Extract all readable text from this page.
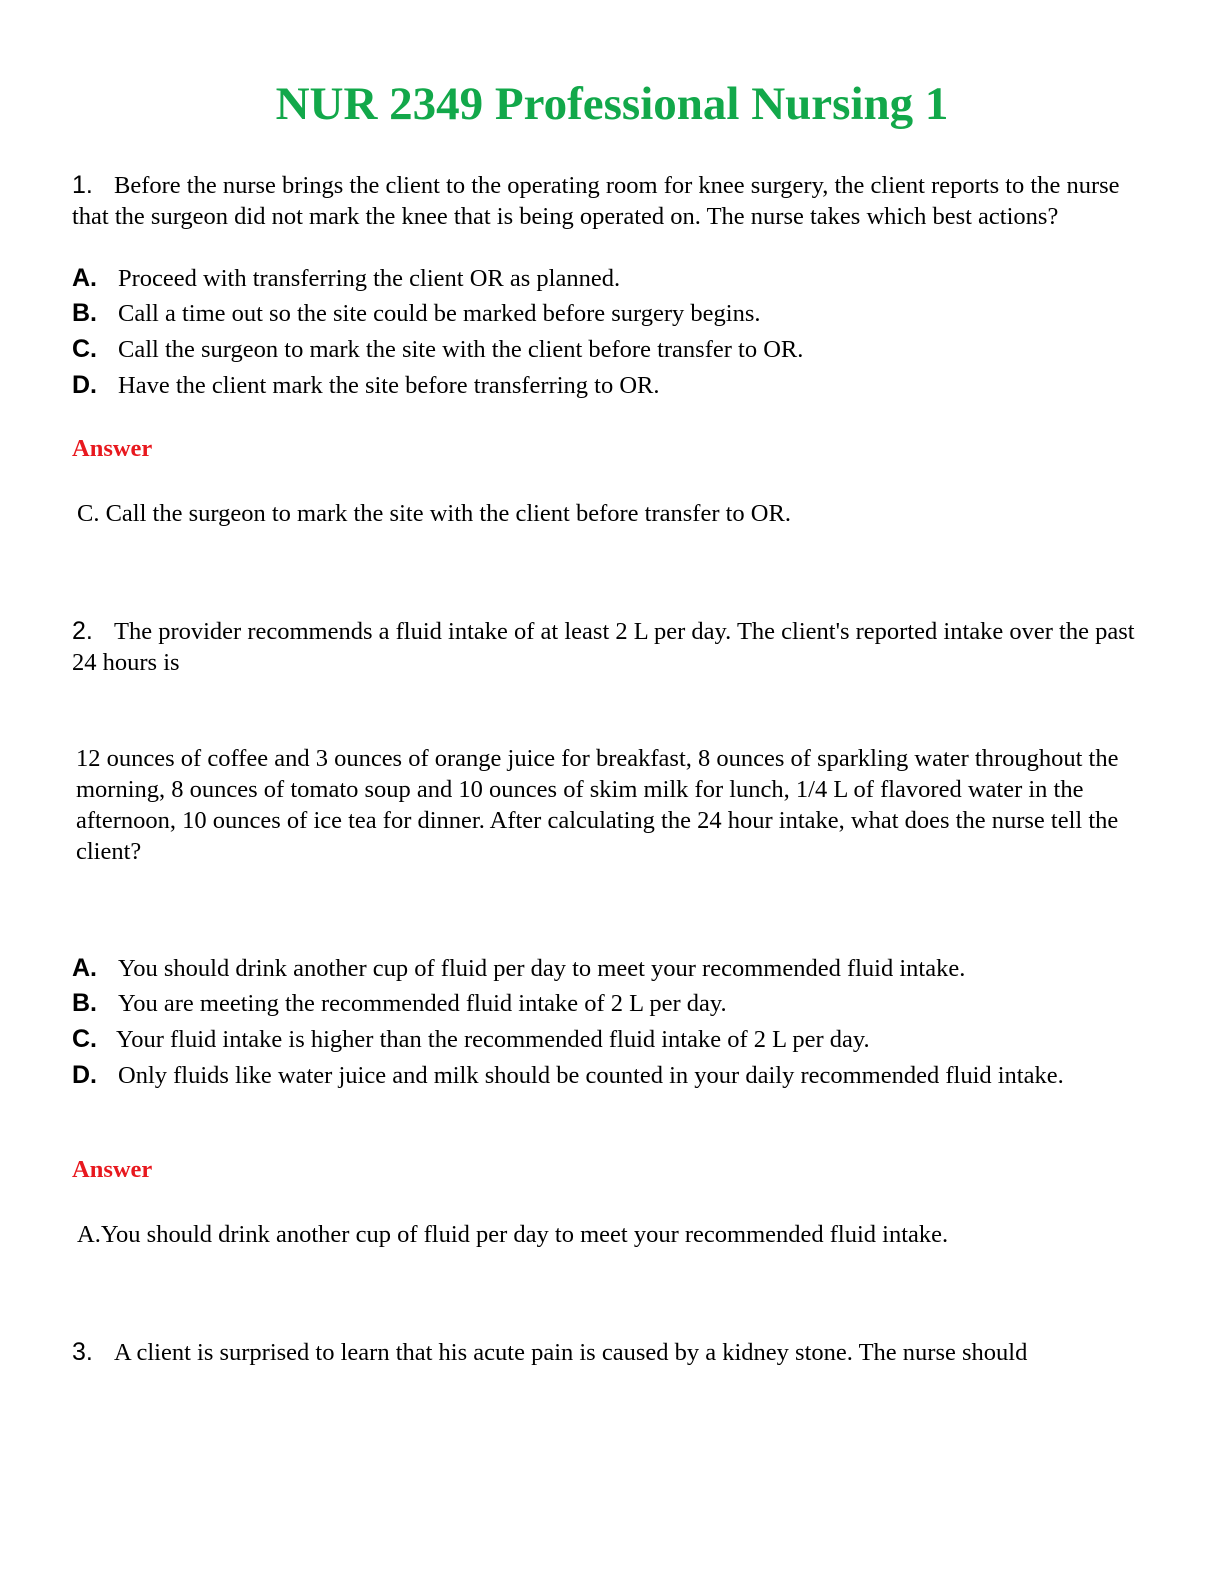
NUR 2349 Professional Nursing 1

1. Before the nurse brings the client to the operating room for knee surgery, the client reports to the nurse that the surgeon did not mark the knee that is being operated on. The nurse takes which best actions?

A. Proceed with transferring the client OR as planned.

B. Call a time out so the site could be marked before surgery begins.

C. Call the surgeon to mark the site with the client before transfer to OR.

D. Have the client mark the site before transferring to OR.

Answer

C. Call the surgeon to mark the site with the client before transfer to OR.

2. The provider recommends a fluid intake of at least 2 L per day. The client's reported intake over the past 24 hours is

12 ounces of coffee and 3 ounces of orange juice for breakfast, 8 ounces of sparkling water throughout the morning, 8 ounces of tomato soup and 10 ounces of skim milk for lunch, 1/4 L of flavored water in the afternoon, 10 ounces of ice tea for dinner. After calculating the 24 hour intake, what does the nurse tell the client?

A. You should drink another cup of fluid per day to meet your recommended fluid intake.

B. You are meeting the recommended fluid intake of 2 L per day.

C. Your fluid intake is higher than the recommended fluid intake of 2 L per day.

D. Only fluids like water juice and milk should be counted in your daily recommended fluid intake.

Answer

A.You should drink another cup of fluid per day to meet your recommended fluid intake.

3. A client is surprised to learn that his acute pain is caused by a kidney stone. The nurse should
